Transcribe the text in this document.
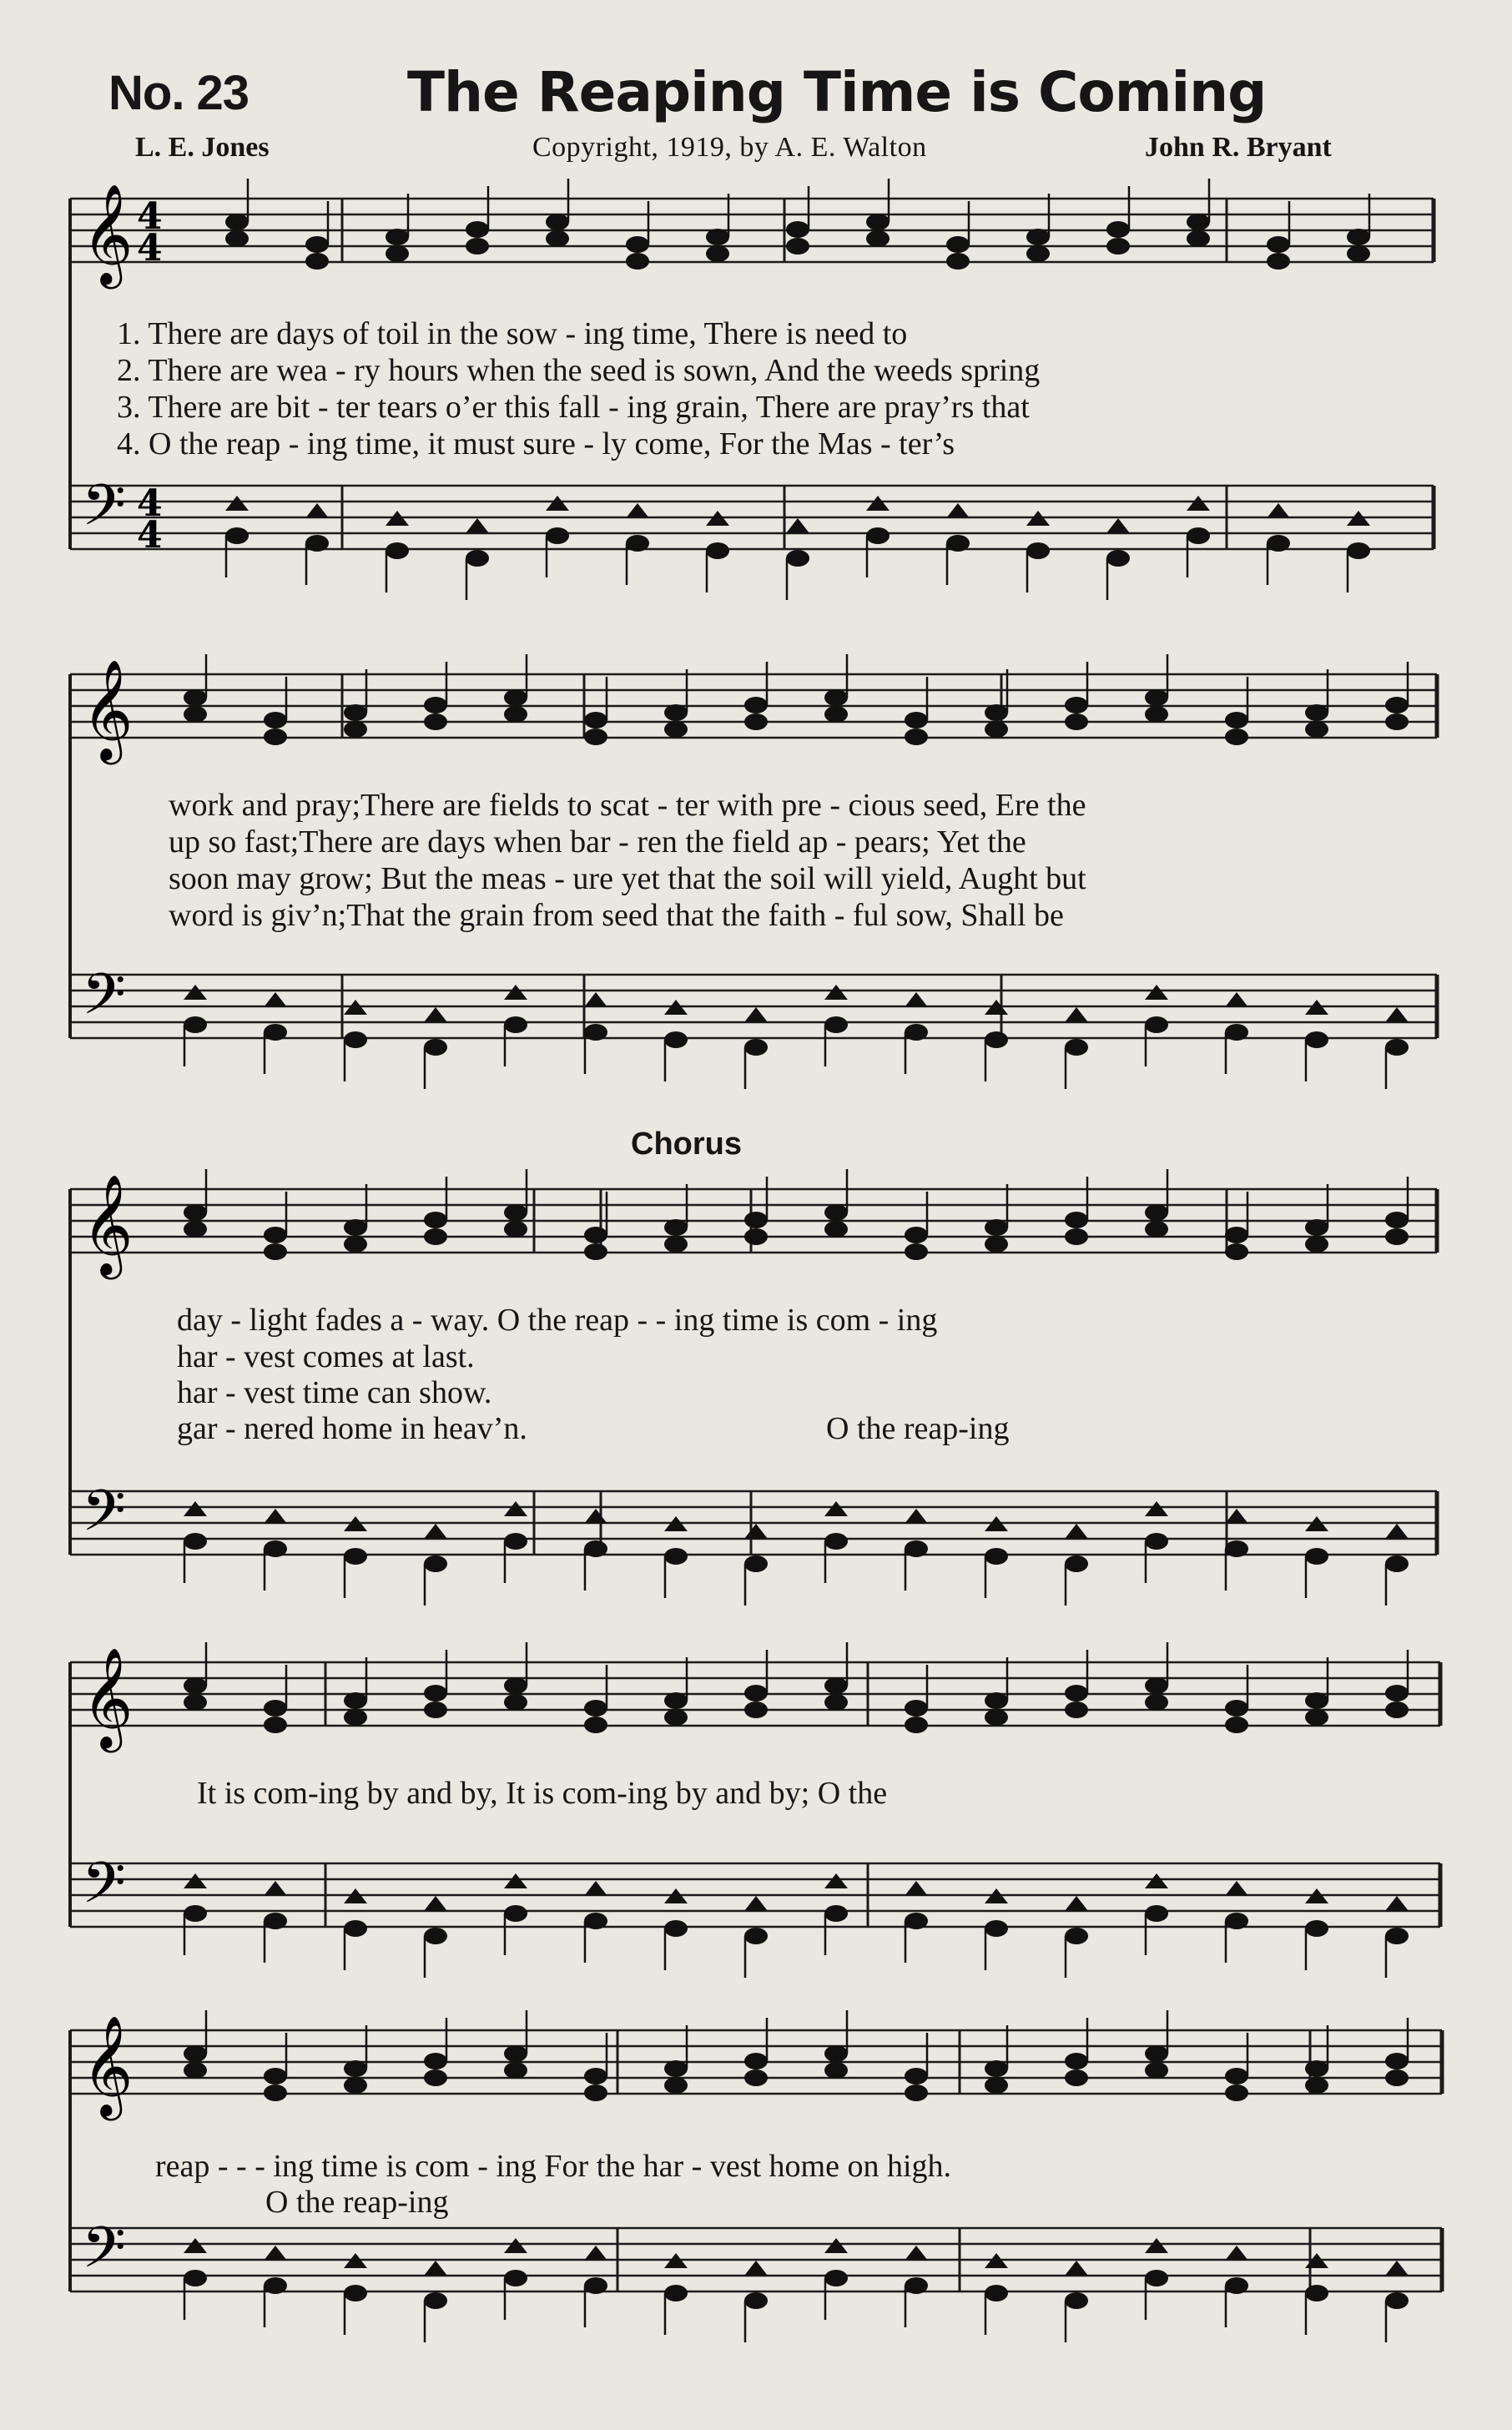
No. 23	The Reaping Time is Coming
L. E. Jones	Copyright, 1919, by A. E. Walton	John R. Bryant
Chorus
𝄞
𝄢
𝄞
𝄢
𝄞
𝄢
𝄞
𝄢
𝄞
𝄢
4
4
4
4
1. There are days of toil in the sow - ing time, There is need to
2. There are wea - ry hours when the seed is sown, And the weeds spring
3. There are bit - ter tears o’er this fall - ing grain, There are pray’rs that
4. O the reap - ing time, it must sure - ly come, For the Mas - ter’s
work and pray;There are fields to scat - ter with pre - cious seed, Ere the
up so fast;There are days when bar - ren the field ap - pears; Yet the
soon may grow; But the meas - ure yet that the soil will yield, Aught but
word is giv’n;That the grain from seed that the faith - ful sow, Shall be
day - light fades a - way. O the reap - - ing time is com - ing
har - vest comes at last.
har - vest time can show.
gar - nered home in heav’n.	O the reap-ing
It is com-ing by and by, It is com-ing by and by; O the
reap - - - ing time is com - ing For the har - vest home on high.
O the reap-ing
